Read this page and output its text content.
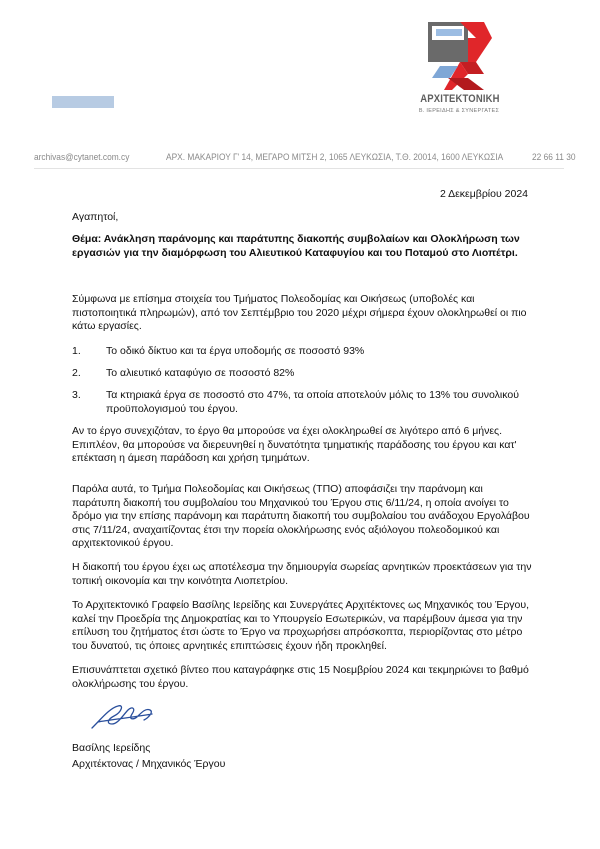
ΑΡΧΙΤΕΚΤΟΝΙΚΗ
Β. ΙΕΡΕΙΔΗΣ & ΣΥΝΕΡΓΑΤΕΣ
archivas@cytanet.com.cy	ΑΡΧ. ΜΑΚΑΡΙΟΥ Γ' 14, ΜΕΓΑΡΟ ΜΙΤΣΗ 2, 1065 ΛΕΥΚΩΣΙΑ, Τ.Θ. 20014, 1600 ΛΕΥΚΩΣΙΑ	22 66 11 30
2 Δεκεμβρίου 2024
Αγαπητοί,
Θέμα: Ανάκληση παράνομης και παράτυπης διακοπής συμβολαίων και Ολοκλήρωση των εργασιών για την διαμόρφωση του Αλιευτικού Καταφυγίου και του Ποταμού στο Λιοπέτρι.
Σύμφωνα με επίσημα στοιχεία του Τμήματος Πολεοδομίας και Οικήσεως (υποβολές και πιστοποιητικά πληρωμών), από τον Σεπτέμβριο του 2020 μέχρι σήμερα έχουν ολοκληρωθεί οι πιο κάτω εργασίες.
1. Το οδικό δίκτυο και τα έργα υποδομής σε ποσοστό 93%
2. Το αλιευτικό καταφύγιο σε ποσοστό 82%
3. Τα κτηριακά έργα σε ποσοστό στο 47%, τα οποία αποτελούν μόλις το 13% του συνολικού προϋπολογισμού του έργου.
Αν το έργο συνεχιζόταν, το έργο θα μπορούσε να έχει ολοκληρωθεί σε λιγότερο από 6 μήνες. Επιπλέον, θα μπορούσε να διερευνηθεί η δυνατότητα τμηματικής παράδοσης του έργου και κατ' επέκταση η άμεση παράδοση και χρήση τμημάτων.
Παρόλα αυτά, το Τμήμα Πολεοδομίας και Οικήσεως (ΤΠΟ) αποφάσιζει την παράνομη και παράτυπη διακοπή του συμβολαίου του Μηχανικού του Έργου στις 6/11/24, η οποία ανοίγει το δρόμο για την επίσης παράνομη και παράτυπη διακοπή του συμβολαίου του ανάδοχου Εργολάβου στις 7/11/24, αναχαιτίζοντας έτσι την πορεία ολοκλήρωσης ενός αξιόλογου πολεοδομικού και αρχιτεκτονικού έργου.
Η διακοπή του έργου έχει ως αποτέλεσμα την δημιουργία σωρείας αρνητικών προεκτάσεων για την τοπική οικονομία και την κοινότητα Λιοπετρίου.
Το Αρχιτεκτονικό Γραφείο Βασίλης Ιερείδης και Συνεργάτες Αρχιτέκτονες ως Μηχανικός του Έργου, καλεί την Προεδρία της Δημοκρατίας και το Υπουργείο Εσωτερικών, να παρέμβουν άμεσα για την επίλυση του ζητήματος έτσι ώστε το Έργο να προχωρήσει απρόσκοπτα, περιορίζοντας στο μέτρο του δυνατού, τις όποιες αρνητικές επιπτώσεις έχουν ήδη προκληθεί.
Επισυνάπτεται σχετικό βίντεο που καταγράφηκε στις 15 Νοεμβρίου 2024 και τεκμηριώνει το βαθμό ολοκλήρωσης του έργου.
Βασίλης Ιερείδης
Αρχιτέκτονας / Μηχανικός Έργου
